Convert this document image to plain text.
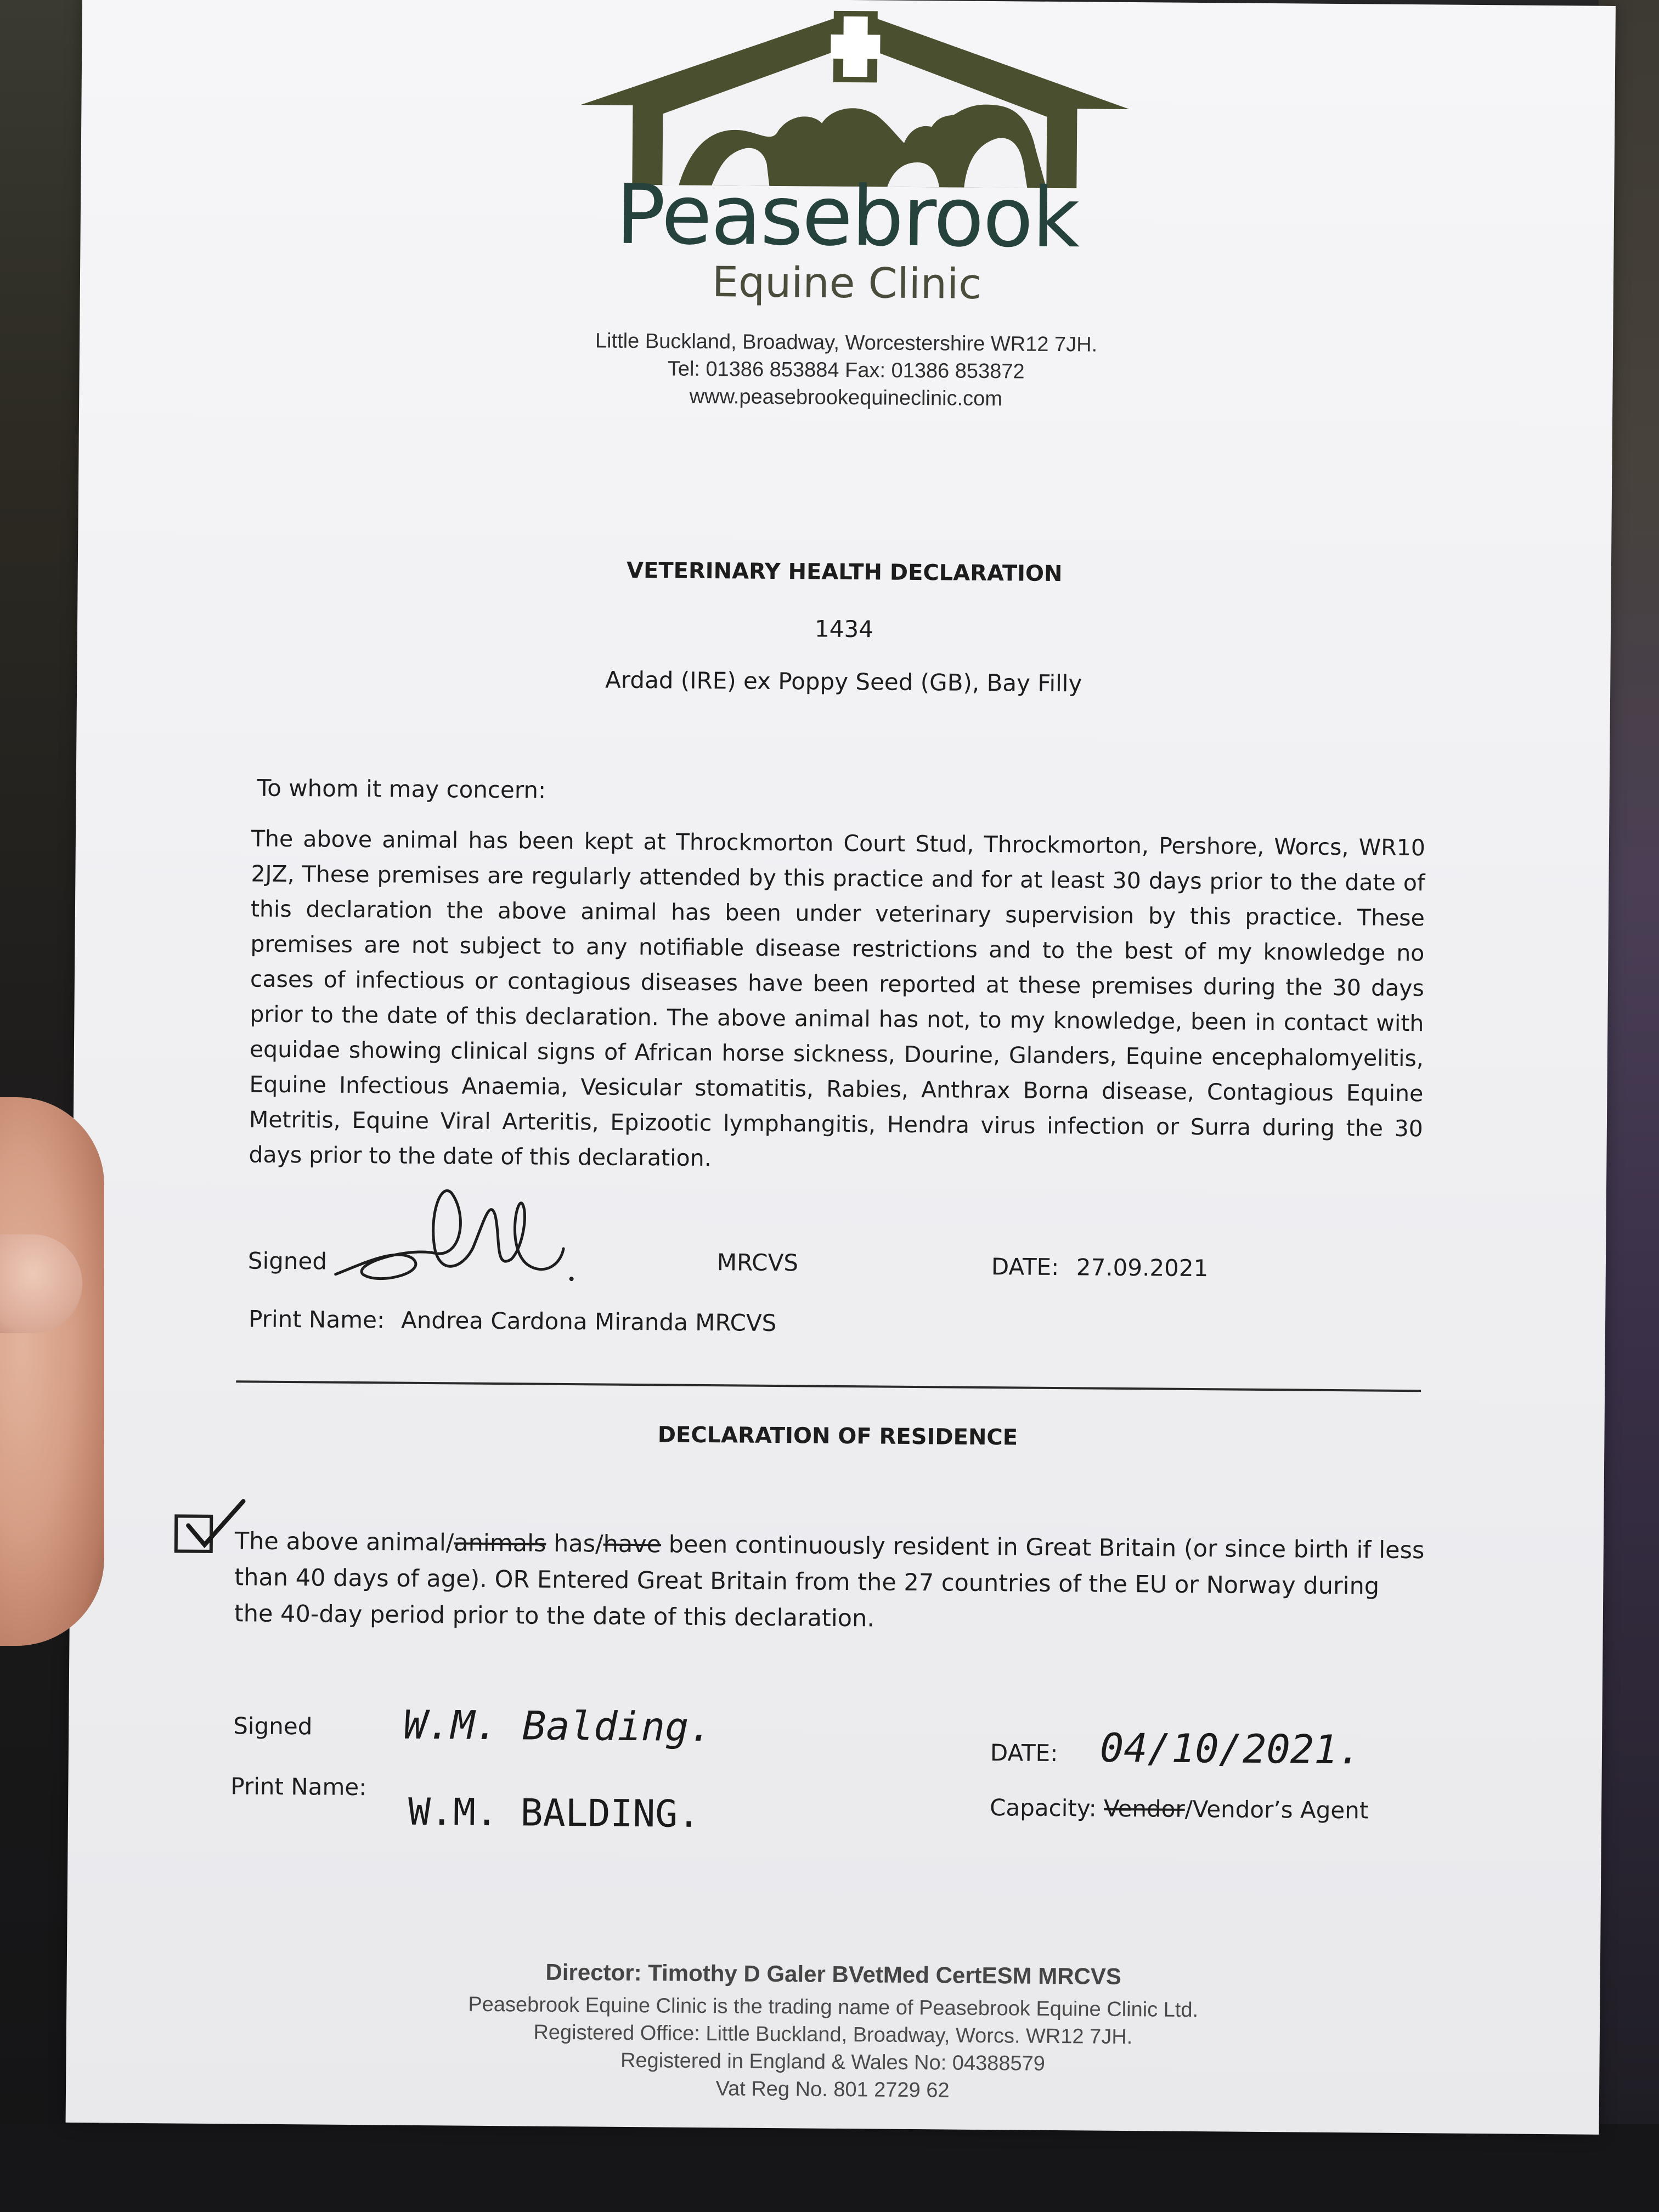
Peasebrook
Equine Clinic
Little Buckland, Broadway, Worcestershire WR12 7JH.
Tel: 01386 853884 Fax: 01386 853872
www.peasebrookequineclinic.com
VETERINARY HEALTH DECLARATION
1434
Ardad (IRE) ex Poppy Seed (GB), Bay Filly
To whom it may concern:
The above animal has been kept at Throckmorton Court Stud, Throckmorton, Pershore, Worcs, WR10 2JZ, These premises are regularly attended by this practice and for at least 30 days prior to the date of this declaration the above animal has been under veterinary supervision by this practice. These premises are not subject to any notifiable disease restrictions and to the best of my knowledge no cases of infectious or contagious diseases have been reported at these premises during the 30 days prior to the date of this declaration. The above animal has not, to my knowledge, been in contact with equidae showing clinical signs of African horse sickness, Dourine, Glanders, Equine encephalomyelitis, Equine Infectious Anaemia, Vesicular stomatitis, Rabies, Anthrax Borna disease, Contagious Equine Metritis, Equine Viral Arteritis, Epizootic lymphangitis, Hendra virus infection or Surra during the 30 days prior to the date of this declaration.
Signed	MRCVS	DATE: 27.09.2021
Print Name: Andrea Cardona Miranda MRCVS
DECLARATION OF RESIDENCE
The above animal/animals has/have been continuously resident in Great Britain (or since birth if less than 40 days of age). OR Entered Great Britain from the 27 countries of the EU or Norway during the 40-day period prior to the date of this declaration.
Signed W.M. Balding.
DATE: 04/10/2021.
Print Name:
W.M. BALDING.	Capacity: Vendor/Vendor’s Agent
Director: Timothy D Galer BVetMed CertESM MRCVS
Peasebrook Equine Clinic is the trading name of Peasebrook Equine Clinic Ltd.
Registered Office: Little Buckland, Broadway, Worcs. WR12 7JH.
Registered in England & Wales No: 04388579
Vat Reg No. 801 2729 62
